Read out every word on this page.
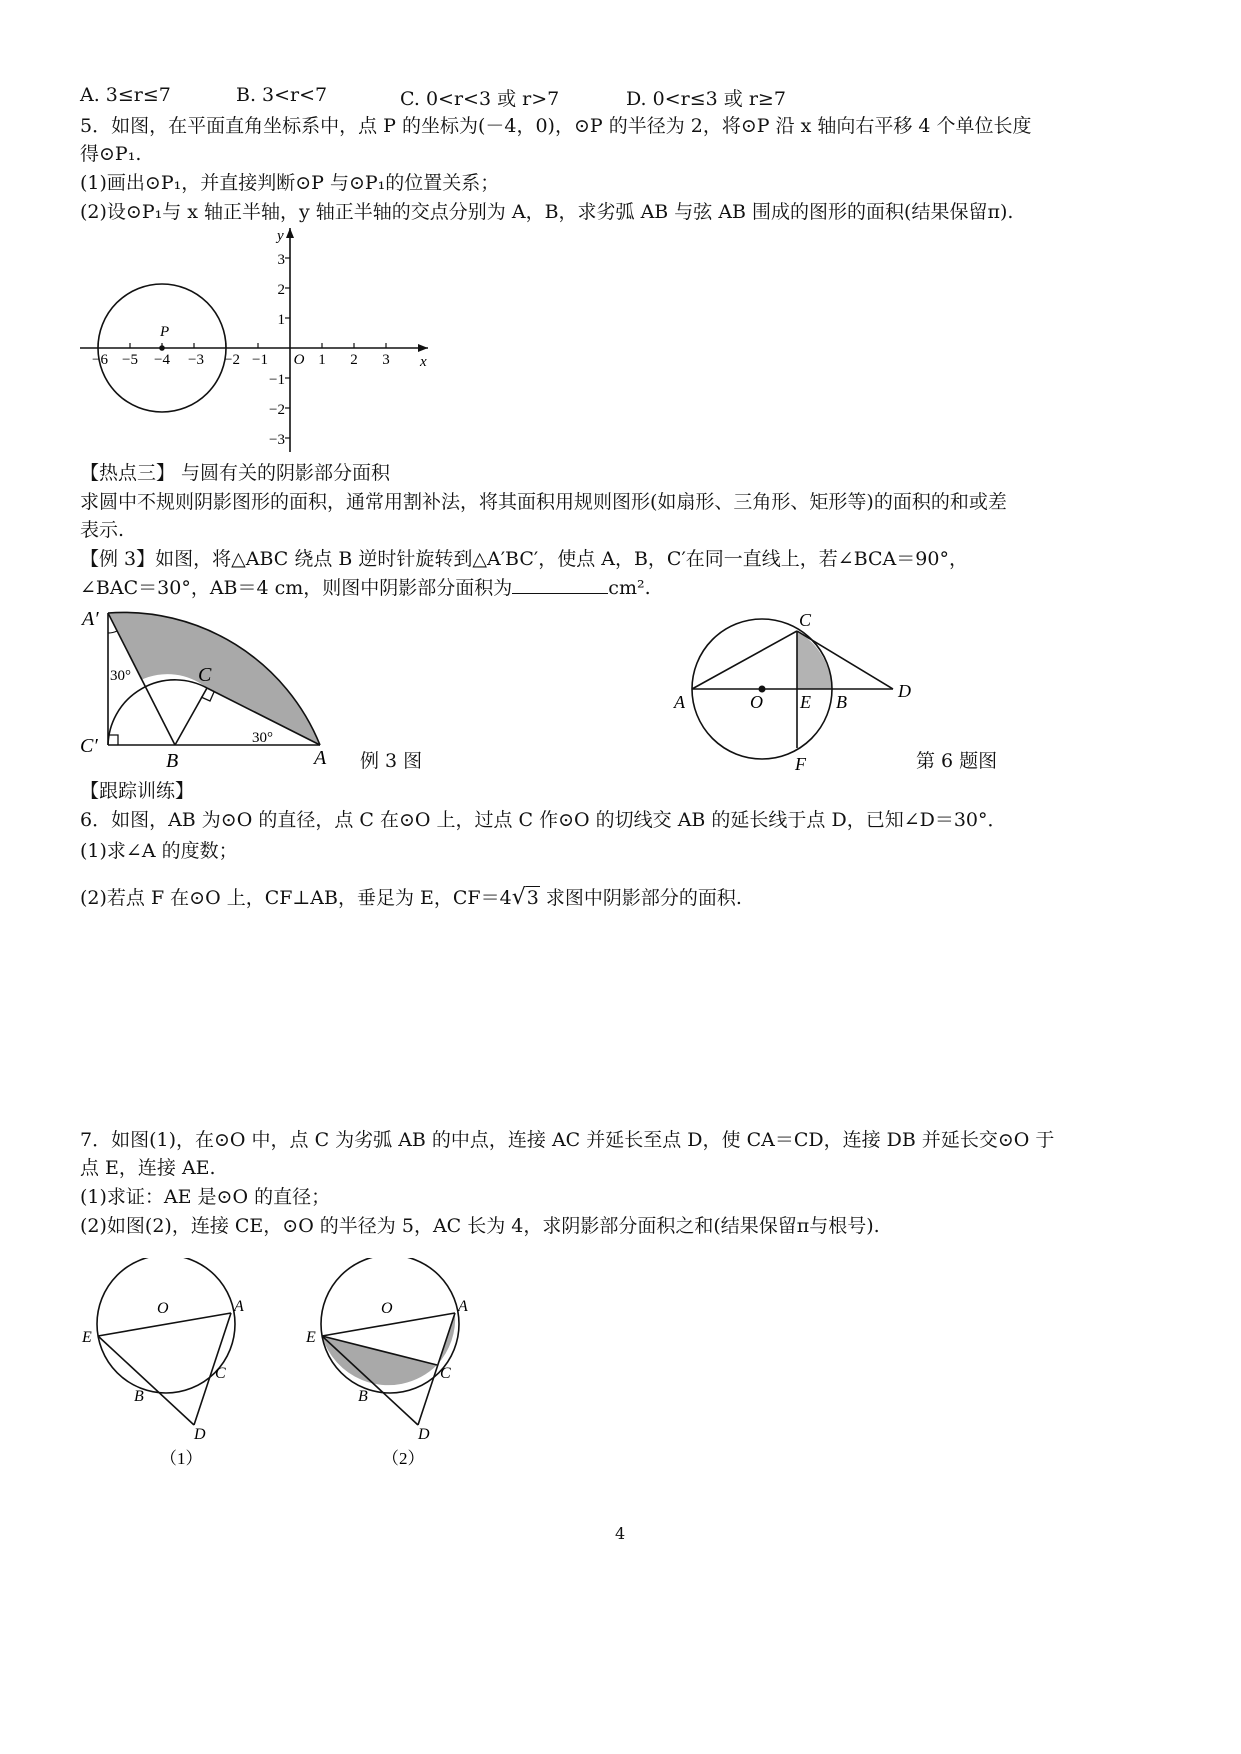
A. 3≤r≤7	B. 3<r<7	C. 0<r<3 或 r>7	D. 0<r≤3 或 r≥7
5．如图，在平面直角坐标系中，点 P 的坐标为(－4，0)，⊙P 的半径为 2，将⊙P 沿 x 轴向右平移 4 个单位长度
得⊙P₁.
(1)画出⊙P₁，并直接判断⊙P 与⊙P₁的位置关系；
(2)设⊙P₁与 x 轴正半轴，y 轴正半轴的交点分别为 A，B，求劣弧 AB 与弦 AB 围成的图形的面积(结果保留π).
P
−6 −5 −4 −3 −2 −1 O 1 2 3 x
3
2
1
−1
−2
−3
y
【热点三】 与圆有关的阴影部分面积
求圆中不规则阴影图形的面积，通常用割补法，将其面积用规则图形(如扇形、三角形、矩形等)的面积的和或差
表示.
【例 3】如图，将△ABC 绕点 B 逆时针旋转到△A′BC′，使点 A，B，C′在同一直线上，若∠BCA＝90°，
∠BAC＝30°，AB＝4 cm，则图中阴影部分面积为	cm².
A′
30°	C
C′
B
30°
A 例 3 图
C
A	O E B
D
F	第 6 题图
【跟踪训练】
6．如图，AB 为⊙O 的直径，点 C 在⊙O 上，过点 C 作⊙O 的切线交 AB 的延长线于点 D，已知∠D＝30°．
(1)求∠A 的度数；
(2)若点 F 在⊙O 上，CF⊥AB，垂足为 E，CF＝4√3 求图中阴影部分的面积.
7．如图(1)，在⊙O 中，点 C 为劣弧 AB 的中点，连接 AC 并延长至点 D，使 CA＝CD，连接 DB 并延长交⊙O 于
点 E，连接 AE.
(1)求证：AE 是⊙O 的直径；
(2)如图(2)，连接 CE，⊙O 的半径为 5，AC 长为 4，求阴影部分面积之和(结果保留π与根号).
O	A
E
C
B
D
（1）
O	A
E
C
B
D
（2）
4
